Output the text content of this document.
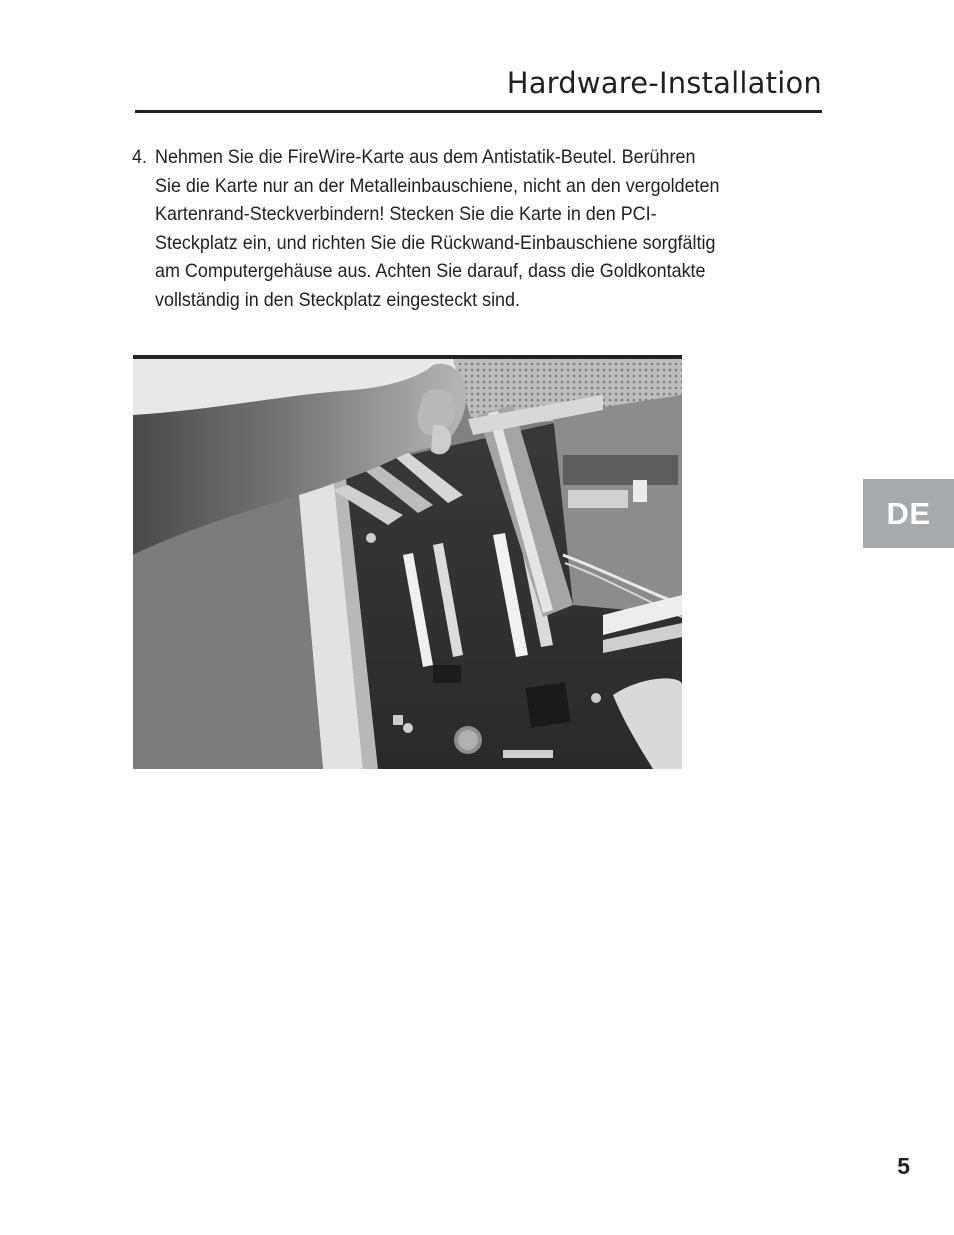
Hardware-Installation
4. Nehmen Sie die FireWire-Karte aus dem Antistatik-Beutel. Berühren
Sie die Karte nur an der Metalleinbauschiene, nicht an den vergoldeten
Kartenrand-Steckverbindern! Stecken Sie die Karte in den PCI-
Steckplatz ein, und richten Sie die Rückwand-Einbauschiene sorgfältig
am Computergehäuse aus. Achten Sie darauf, dass die Goldkontakte
vollständig in den Steckplatz eingesteckt sind.
DE
5
